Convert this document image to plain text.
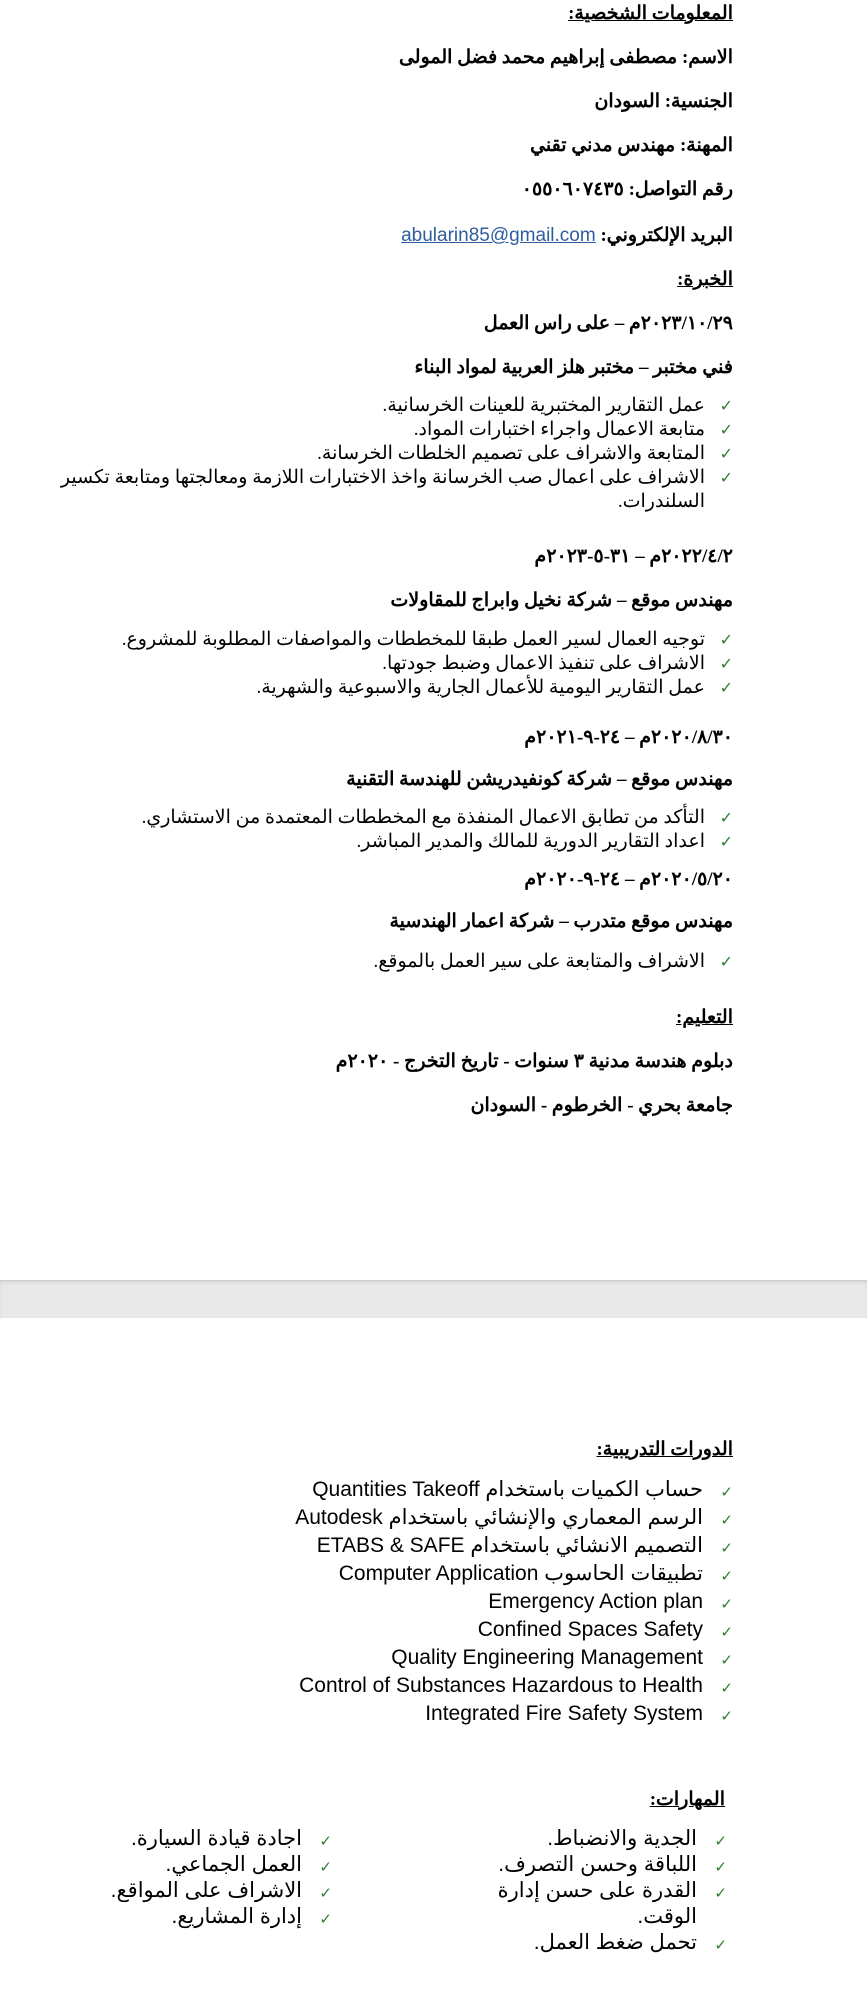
المعلومات الشخصية:
الاسم: مصطفى إبراهيم محمد فضل المولى
الجنسية: السودان
المهنة: مهندس مدني تقني
رقم التواصل: ٠٥٥٠٦٠٧٤٣٥
البريد الإلكتروني: abularin85@gmail.com
الخبرة:
٢٠٢٣/١٠/٢٩م – على راس العمل
فني مختبر – مختبر هلز العربية لمواد البناء
✓
عمل التقارير المختبرية للعينات الخرسانية.
✓
متابعة الاعمال واجراء اختبارات المواد.
✓
المتابعة والاشراف على تصميم الخلطات الخرسانة.
✓
الاشراف على اعمال صب الخرسانة واخذ الاختبارات اللازمة ومعالجتها ومتابعة تكسير السلندرات.
٢٠٢٢/٤/٢م – ٣١-٥-٢٠٢٣م
مهندس موقع – شركة نخيل وابراج للمقاولات
✓
توجيه العمال لسير العمل طبقا للمخططات والمواصفات المطلوبة للمشروع.
✓
الاشراف على تنفيذ الاعمال وضبط جودتها.
✓
عمل التقارير اليومية للأعمال الجارية والاسبوعية والشهرية.
٢٠٢٠/٨/٣٠م – ٢٤-٩-٢٠٢١م
مهندس موقع – شركة كونفيدريشن للهندسة التقنية
✓
التأكد من تطابق الاعمال المنفذة مع المخططات المعتمدة من الاستشاري.
✓
اعداد التقارير الدورية للمالك والمدير المباشر.
٢٠٢٠/٥/٢٠م – ٢٤-٩-٢٠٢٠م
مهندس موقع متدرب – شركة اعمار الهندسية
✓
الاشراف والمتابعة على سير العمل بالموقع.
التعليم:
دبلوم هندسة مدنية ٣ سنوات - تاريخ التخرج - ٢٠٢٠م
جامعة بحري - الخرطوم - السودان
الدورات التدريبية:
✓
حساب الكميات باستخدام Quantities Takeoff
✓
الرسم المعماري والإنشائي باستخدام Autodesk
✓
التصميم الانشائي باستخدام ETABS & SAFE
✓
تطبيقات الحاسوب Computer Application
✓
Emergency Action plan
✓
Confined Spaces Safety
✓
Quality Engineering Management
✓
Control of Substances Hazardous to Health
✓
Integrated Fire Safety System
المهارات:
✓
الجدية والانضباط.
✓
اللباقة وحسن التصرف.
✓
القدرة على حسن إدارة الوقت.
✓
تحمل ضغط العمل.
✓
اجادة قيادة السيارة.
✓
العمل الجماعي.
✓
الاشراف على المواقع.
✓
إدارة المشاريع.
